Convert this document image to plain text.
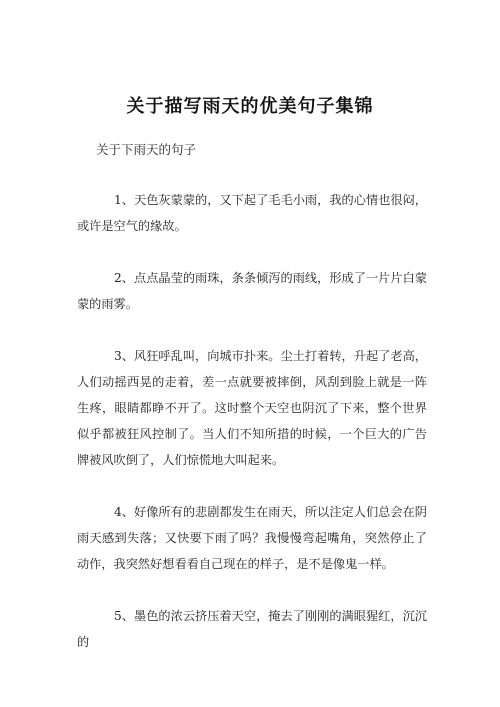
关于描写雨天的优美句子集锦
关于下雨天的句子

1、天色灰蒙蒙的，又下起了毛毛小雨，我的心情也很闷，或许是空气的缘故。

2、点点晶莹的雨珠，条条倾泻的雨线，形成了一片片白蒙蒙的雨雾。

3、风狂呼乱叫，向城市扑来。尘土打着转，升起了老高，人们动摇西晃的走着，差一点就要被摔倒，风刮到脸上就是一阵生疼，眼睛都睁不开了。这时整个天空也阴沉了下来，整个世界似乎都被狂风控制了。当人们不知所措的时候，一个巨大的广告牌被风吹倒了，人们惊慌地大叫起来。

4、好像所有的悲剧都发生在雨天，所以注定人们总会在阴雨天感到失落；又快要下雨了吗？我慢慢弯起嘴角，突然停止了动作，我突然好想看看自己现在的样子，是不是像鬼一样。

5、墨色的浓云挤压着天空，掩去了刚刚的满眼猩红，沉沉的
